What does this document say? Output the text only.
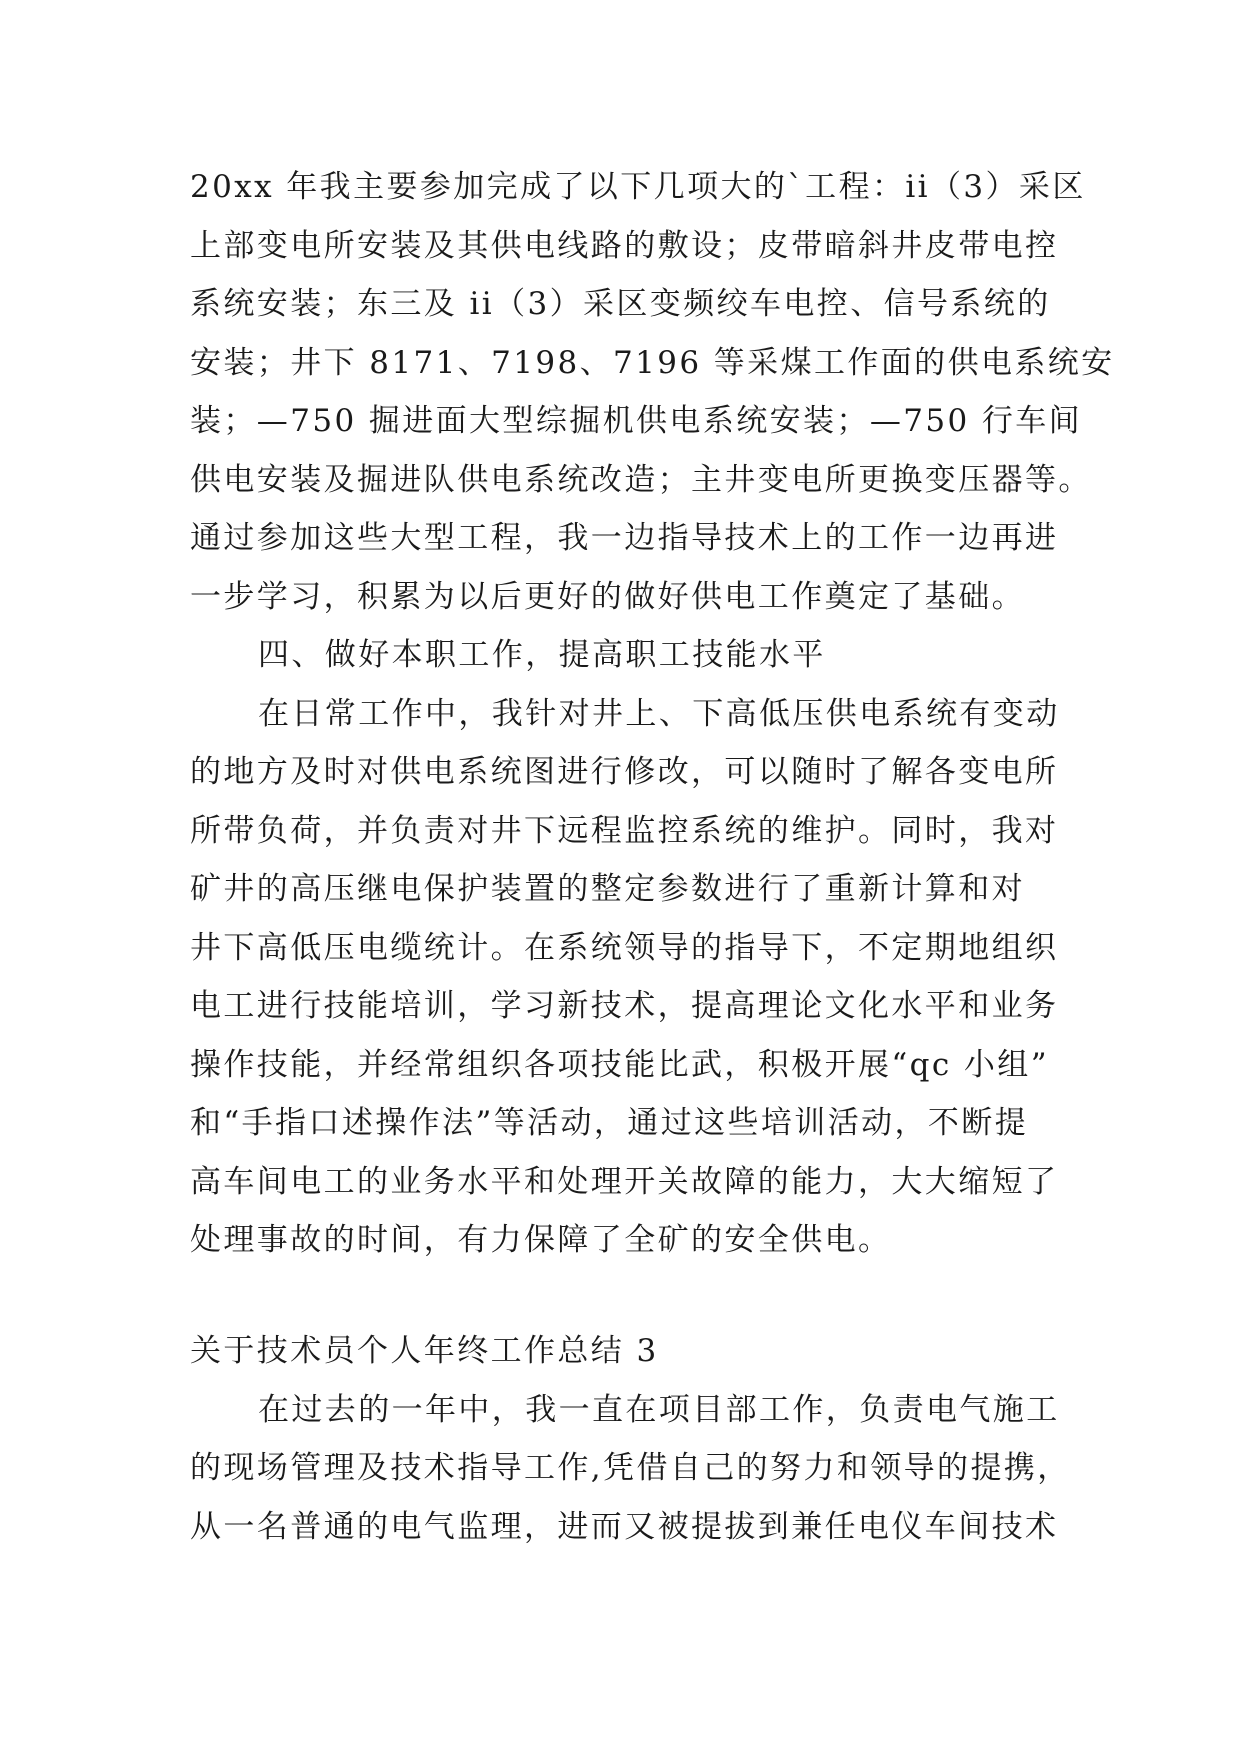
20xx 年我主要参加完成了以下几项大的`工程：ii（3）采区
上部变电所安装及其供电线路的敷设；皮带暗斜井皮带电控
系统安装；东三及 ii（3）采区变频绞车电控、信号系统的
安装；井下 8171、7198、7196 等采煤工作面的供电系统安
装；—750 掘进面大型综掘机供电系统安装；—750 行车间
供电安装及掘进队供电系统改造；主井变电所更换变压器等。
通过参加这些大型工程，我一边指导技术上的工作一边再进
一步学习，积累为以后更好的做好供电工作奠定了基础。
四、做好本职工作，提高职工技能水平
在日常工作中，我针对井上、下高低压供电系统有变动
的地方及时对供电系统图进行修改，可以随时了解各变电所
所带负荷，并负责对井下远程监控系统的维护。同时，我对
矿井的高压继电保护装置的整定参数进行了重新计算和对
井下高低压电缆统计。在系统领导的指导下，不定期地组织
电工进行技能培训，学习新技术，提高理论文化水平和业务
操作技能，并经常组织各项技能比武，积极开展“qc 小组”
和“手指口述操作法”等活动，通过这些培训活动，不断提
高车间电工的业务水平和处理开关故障的能力，大大缩短了
处理事故的时间，有力保障了全矿的安全供电。
关于技术员个人年终工作总结 3
在过去的一年中，我一直在项目部工作，负责电气施工
的现场管理及技术指导工作,凭借自己的努力和领导的提携，
从一名普通的电气监理，进而又被提拔到兼任电仪车间技术
